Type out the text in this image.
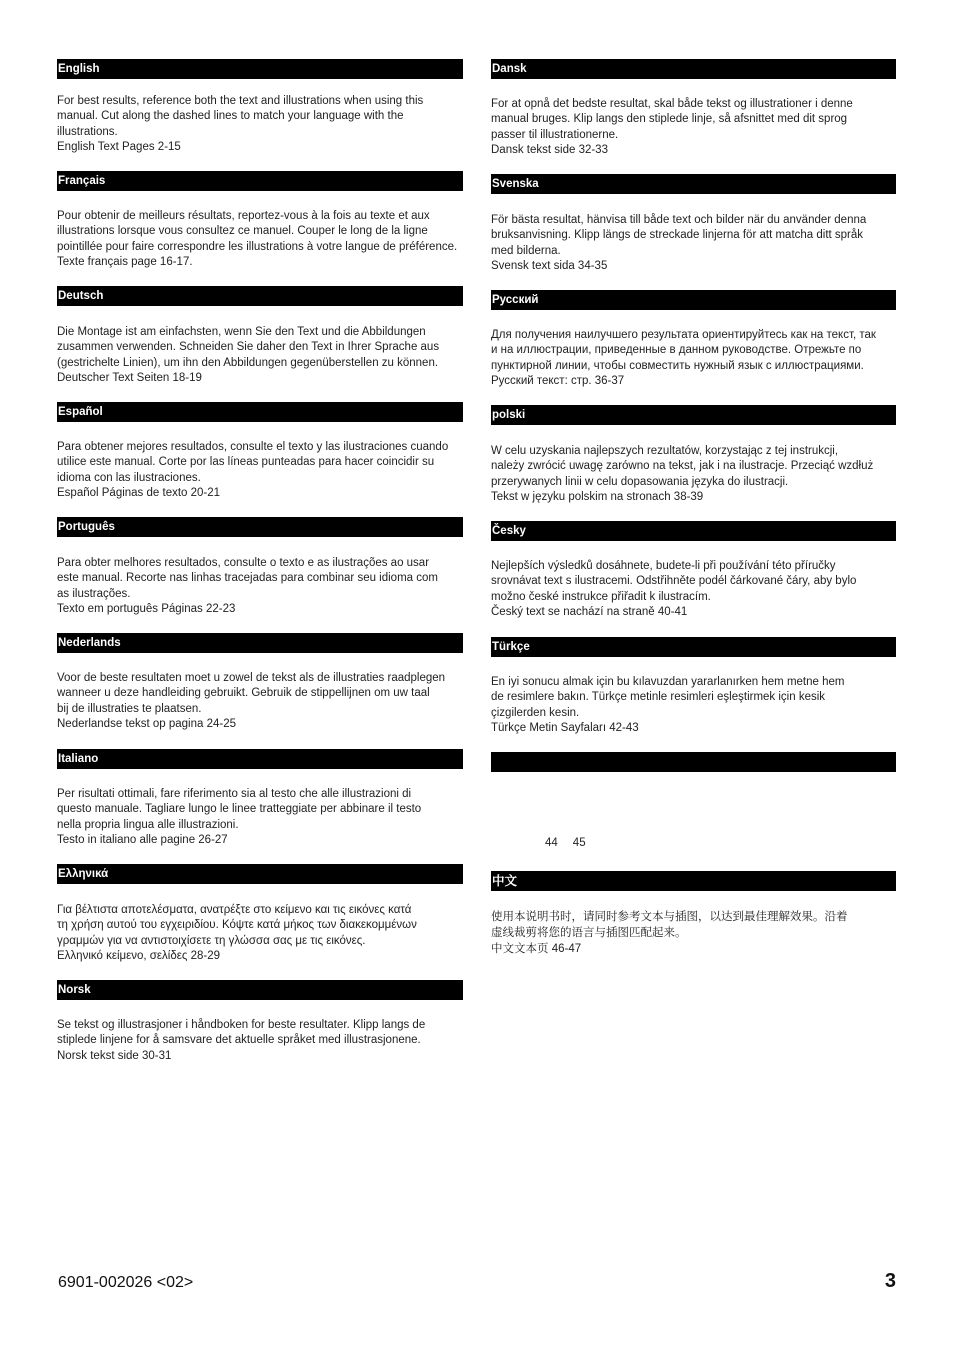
English
For best results, reference both the text and illustrations when using this
manual. Cut along the dashed lines to match your language with the
illustrations.
English Text Pages 2-15
Français
Pour obtenir de meilleurs résultats, reportez-vous à la fois au texte et aux
illustrations lorsque vous consultez ce manuel. Couper le long de la ligne
pointillée pour faire correspondre les illustrations à votre langue de préférence.
Texte français page 16-17.
Deutsch
Die Montage ist am einfachsten, wenn Sie den Text und die Abbildungen
zusammen verwenden. Schneiden Sie daher den Text in Ihrer Sprache aus
(gestrichelte Linien), um ihn den Abbildungen gegenüberstellen zu können.
Deutscher Text Seiten 18-19
Español
Para obtener mejores resultados, consulte el texto y las ilustraciones cuando
utilice este manual. Corte por las líneas punteadas para hacer coincidir su
idioma con las ilustraciones.
Español Páginas de texto 20-21
Português
Para obter melhores resultados, consulte o texto e as ilustrações ao usar
este manual. Recorte nas linhas tracejadas para combinar seu idioma com
as ilustrações.
Texto em português Páginas 22-23
Nederlands
Voor de beste resultaten moet u zowel de tekst als de illustraties raadplegen
wanneer u deze handleiding gebruikt. Gebruik de stippellijnen om uw taal
bij de illustraties te plaatsen.
Nederlandse tekst op pagina 24-25
Italiano
Per risultati ottimali, fare riferimento sia al testo che alle illustrazioni di
questo manuale. Tagliare lungo le linee tratteggiate per abbinare il testo
nella propria lingua alle illustrazioni.
Testo in italiano alle pagine 26-27
Ελληνικά
Για βέλτιστα αποτελέσματα, ανατρέξτε στο κείμενο και τις εικόνες κατά
τη χρήση αυτού του εγχειριδίου. Κόψτε κατά μήκος των διακεκομμένων
γραμμών για να αντιστοιχίσετε τη γλώσσα σας με τις εικόνες.
Ελληνικό κείμενο, σελίδες 28-29
Norsk
Se tekst og illustrasjoner i håndboken for beste resultater. Klipp langs de
stiplede linjene for å samsvare det aktuelle språket med illustrasjonene.
Norsk tekst side 30-31
Dansk
For at opnå det bedste resultat, skal både tekst og illustrationer i denne
manual bruges. Klip langs den stiplede linje, så afsnittet med dit sprog
passer til illustrationerne.
Dansk tekst side 32-33
Svenska
För bästa resultat, hänvisa till både text och bilder när du använder denna
bruksanvisning. Klipp längs de streckade linjerna för att matcha ditt språk
med bilderna.
Svensk text sida 34-35
Русский
Для получения наилучшего результата ориентируйтесь как на текст, так
и на иллюстрации, приведенные в данном руководстве. Отрежьте по
пунктирной линии, чтобы совместить нужный язык с иллюстрациями.
Русский текст: стр. 36-37
polski
W celu uzyskania najlepszych rezultatów, korzystając z tej instrukcji,
należy zwrócić uwagę zarówno na tekst, jak i na ilustracje. Przeciąć wzdłuż
przerywanych linii w celu dopasowania języka do ilustracji.
Tekst w języku polskim na stronach 38-39
Česky
Nejlepších výsledků dosáhnete, budete-li při používání této příručky
srovnávat text s ilustracemi. Odstřihněte podél čárkované čáry, aby bylo
možno české instrukce přiřadit k ilustracím.
Český text se nachází na straně 40-41
Türkçe
En iyi sonucu almak için bu kılavuzdan yararlanırken hem metne hem
de resimlere bakın. Türkçe metinle resimleri eşleştirmek için kesik
çizgilerden kesin.
Türkçe Metin Sayfaları 42-43
44 45
中文
使用本说明书时，请同时参考文本与插图，以达到最佳理解效果。沿着
虚线裁剪将您的语言与插图匹配起来。
中文文本页 46-47
6901-002026 <02>	3
